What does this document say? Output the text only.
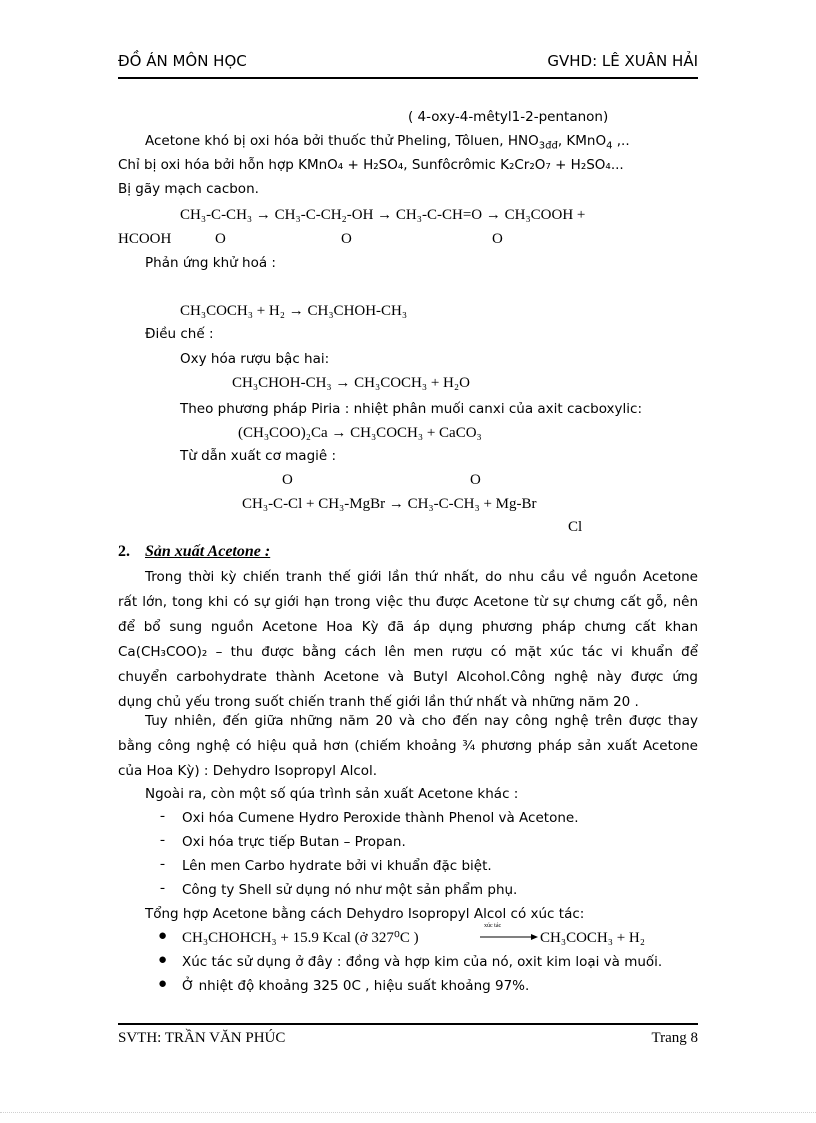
ĐỒ ÁN MÔN HỌC	GVHD: LÊ XUÂN HẢI
( 4-oxy-4-mêtyl1-2-pentanon)
Acetone khó bị oxi hóa bởi thuốc thử Pheling, Tôluen, $HNO_{3đđ}$, KMnO$_4$ ,..
Chỉ bị oxi hóa bởi hỗn hợp KMnO₄ + H₂SO₄, Sunfôcrômic K₂Cr₂O₇ + H₂SO₄...
Bị gãy mạch cacbon.
CH₃-C-CH₃ → CH₃-C-CH₂-OH → CH₃-C-CH=O → CH₃COOH +
HCOOH	O	O	O
Phản ứng khử hoá :
CH₃COCH₃ + H₂ → CH₃CHOH-CH₃
Điều chế :
Oxy hóa rượu bậc hai:
CH₃CHOH-CH₃ → CH₃COCH₃ + H₂O
Theo phương pháp Piria : nhiệt phân muối canxi của axit cacboxylic:
(CH₃COO)₂Ca → CH₃COCH₃ + CaCO₃
Từ dẫn xuất cơ magiê :
O	O
CH₃-C-Cl + CH₃-MgBr → CH₃-C-CH₃ + Mg-Br
Cl
2. Sản xuất Acetone :
Trong thời kỳ chiến tranh thế giới lần thứ nhất, do nhu cầu về nguồn Acetone
rất lớn, tong khi có sự giới hạn trong việc thu được Acetone từ sự chưng cất gỗ, nên
để bổ sung nguồn Acetone Hoa Kỳ đã áp dụng phương pháp chưng cất khan
Ca(CH₃COO)₂ – thu được bằng cách lên men rượu có mặt xúc tác vi khuẩn để
chuyển carbohydrate thành Acetone và Butyl Alcohol.Công nghệ này được ứng
dụng chủ yếu trong suốt chiến tranh thế giới lần thứ nhất và những năm 20 .
Tuy nhiên, đến giữa những năm 20 và cho đến nay công nghệ trên được thay
bằng công nghệ có hiệu quả hơn (chiếm khoảng ¾ phương pháp sản xuất Acetone
của Hoa Kỳ) : Dehydro Isopropyl Alcol.
Ngoài ra, còn một số qúa trình sản xuất Acetone khác :
- Oxi hóa Cumene Hydro Peroxide thành Phenol và Acetone.
- Oxi hóa trực tiếp Butan – Propan.
- Lên men Carbo hydrate bởi vi khuẩn đặc biệt.
- Công ty Shell sử dụng nó như một sản phẩm phụ.
Tổng hợp Acetone bằng cách Dehydro Isopropyl Alcol có xúc tác:
● CH₃CHOHCH₃ + 15.9 Kcal (ở 327⁰C )
xúc tác
CH₃COCH₃ + H₂
● Xúc tác sử dụng ở đây : đồng và hợp kim của nó, oxit kim loại và muối.
● Ở nhiệt độ khoảng 325 0C , hiệu suất khoảng 97%.
SVTH: TRẦN VĂN PHÚC	Trang 8
